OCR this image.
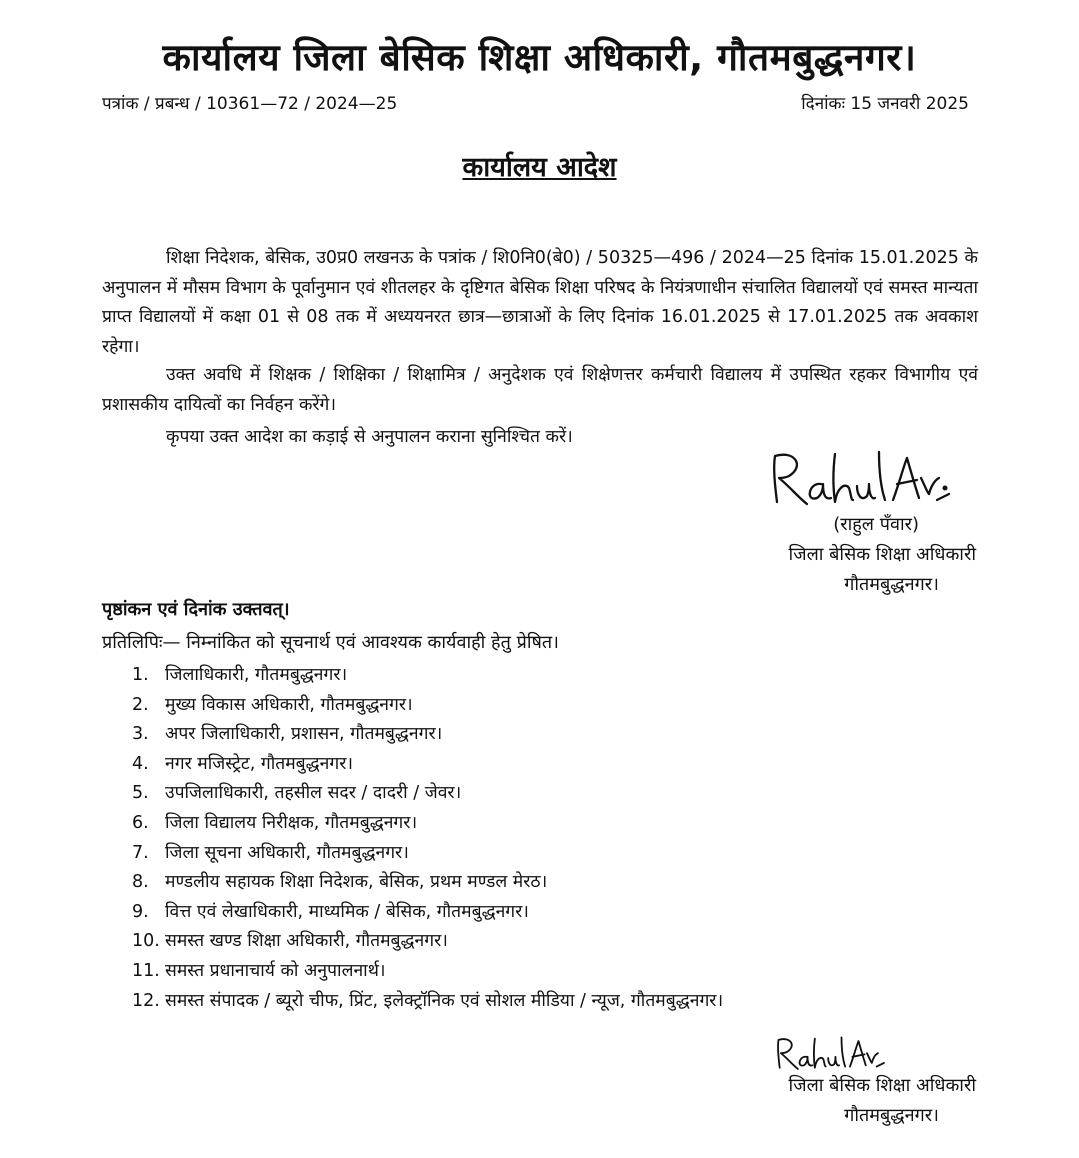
कार्यालय जिला बेसिक शिक्षा अधिकारी, गौतमबुद्धनगर।
पत्रांक / प्रबन्ध / 10361—72 / 2024—25	दिनांकः 15 जनवरी 2025
कार्यालय आदेश
शिक्षा निदेशक, बेसिक, उ0प्र0 लखनऊ के पत्रांक / शि0नि0(बे0) / 50325—496 / 2024—25 दिनांक 15.01.2025 के अनुपालन में मौसम विभाग के पूर्वानुमान एवं शीतलहर के दृष्टिगत बेसिक शिक्षा परिषद के नियंत्रणाधीन संचालित विद्यालयों एवं समस्त मान्यता प्राप्त विद्यालयों में कक्षा 01 से 08 तक में अध्ययनरत छात्र—छात्राओं के लिए दिनांक 16.01.2025 से 17.01.2025 तक अवकाश रहेगा।
उक्त अवधि में शिक्षक / शिक्षिका / शिक्षामित्र / अनुदेशक एवं शिक्षेणत्तर कर्मचारी विद्यालय में उपस्थित रहकर विभागीय एवं प्रशासकीय दायित्वों का निर्वहन करेंगे।
कृपया उक्त आदेश का कड़ाई से अनुपालन कराना सुनिश्चित करें।
(राहुल पँवार)
जिला बेसिक शिक्षा अधिकारी
गौतमबुद्धनगर।
पृष्ठांकन एवं दिनांक उक्तवत्।
प्रतिलिपिः— निम्नांकित को सूचनार्थ एवं आवश्यक कार्यवाही हेतु प्रेषित।
1. जिलाधिकारी, गौतमबुद्धनगर।
2. मुख्य विकास अधिकारी, गौतमबुद्धनगर।
3. अपर जिलाधिकारी, प्रशासन, गौतमबुद्धनगर।
4. नगर मजिस्ट्रेट, गौतमबुद्धनगर।
5. उपजिलाधिकारी, तहसील सदर / दादरी / जेवर।
6. जिला विद्यालय निरीक्षक, गौतमबुद्धनगर।
7. जिला सूचना अधिकारी, गौतमबुद्धनगर।
8. मण्डलीय सहायक शिक्षा निदेशक, बेसिक, प्रथम मण्डल मेरठ।
9. वित्त एवं लेखाधिकारी, माध्यमिक / बेसिक, गौतमबुद्धनगर।
10. समस्त खण्ड शिक्षा अधिकारी, गौतमबुद्धनगर।
11. समस्त प्रधानाचार्य को अनुपालनार्थ।
12. समस्त संपादक / ब्यूरो चीफ, प्रिंट, इलेक्ट्रॉनिक एवं सोशल मीडिया / न्यूज, गौतमबुद्धनगर।
जिला बेसिक शिक्षा अधिकारी
गौतमबुद्धनगर।
